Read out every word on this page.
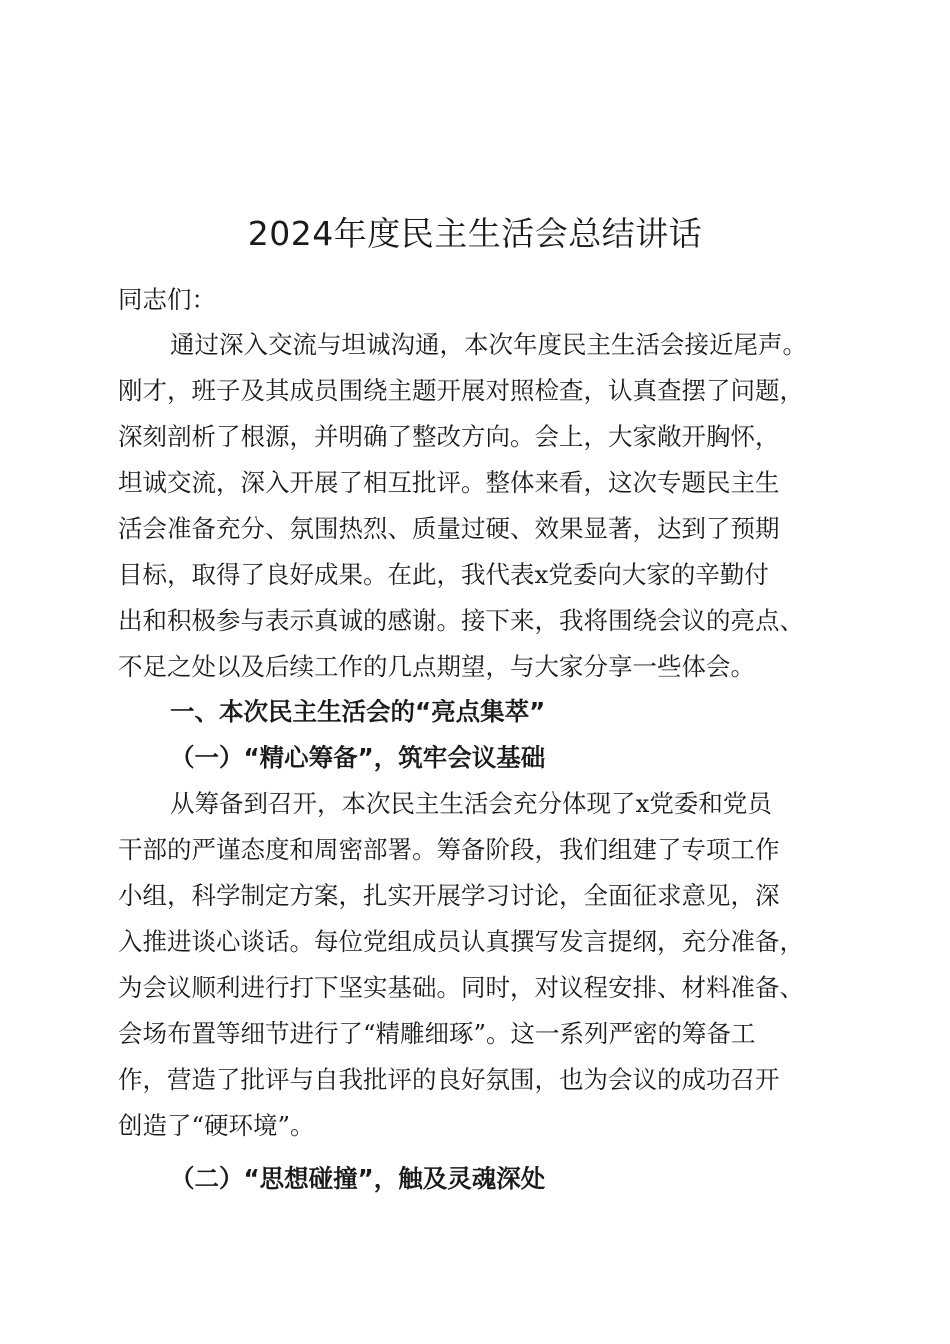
2024年度民主生活会总结讲话
同志们：
通过深入交流与坦诚沟通，本次年度民主生活会接近尾声。
刚才，班子及其成员围绕主题开展对照检查，认真查摆了问题，
深刻剖析了根源，并明确了整改方向。会上，大家敞开胸怀，
坦诚交流，深入开展了相互批评。整体来看，这次专题民主生
活会准备充分、氛围热烈、质量过硬、效果显著，达到了预期
目标，取得了良好成果。在此，我代表x党委向大家的辛勤付
出和积极参与表示真诚的感谢。接下来，我将围绕会议的亮点、
不足之处以及后续工作的几点期望，与大家分享一些体会。
一、本次民主生活会的“亮点集萃”
（一）“精心筹备”，筑牢会议基础
从筹备到召开，本次民主生活会充分体现了x党委和党员
干部的严谨态度和周密部署。筹备阶段，我们组建了专项工作
小组，科学制定方案，扎实开展学习讨论，全面征求意见，深
入推进谈心谈话。每位党组成员认真撰写发言提纲，充分准备，
为会议顺利进行打下坚实基础。同时，对议程安排、材料准备、
会场布置等细节进行了“精雕细琢”。这一系列严密的筹备工
作，营造了批评与自我批评的良好氛围，也为会议的成功召开
创造了“硬环境”。
（二）“思想碰撞”，触及灵魂深处
